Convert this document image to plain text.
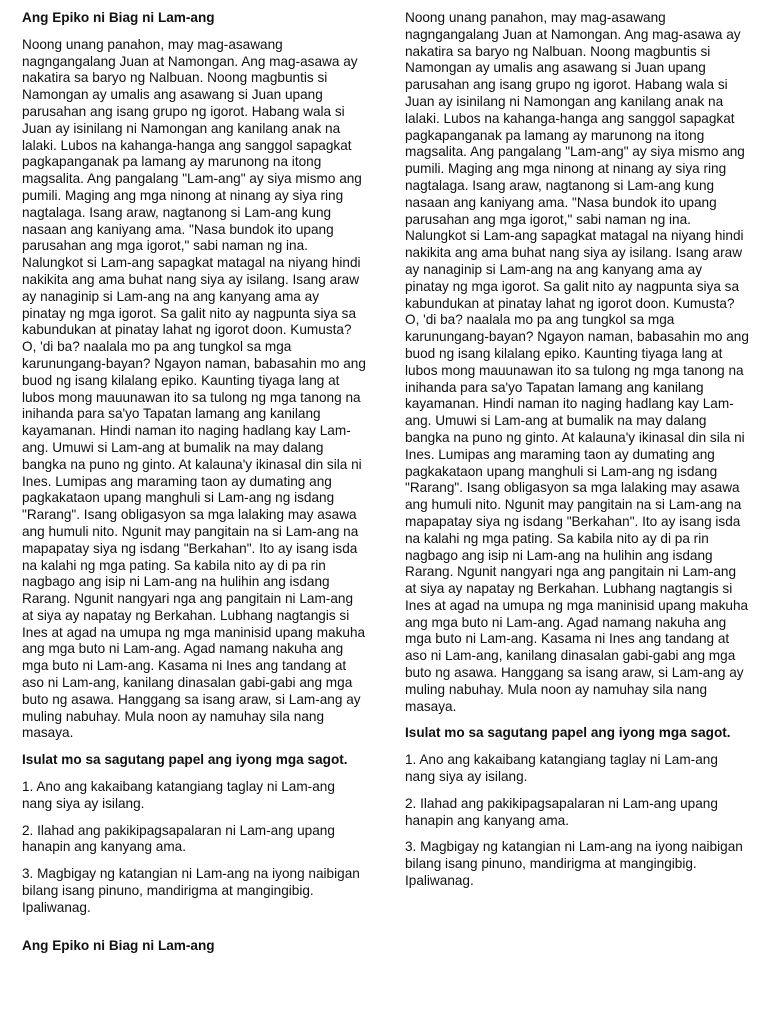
Ang Epiko ni Biag ni Lam-ang
Noong unang panahon, may mag-asawang nagngangalang Juan at Namongan. Ang mag-asawa ay nakatira sa baryo ng Nalbuan. Noong magbuntis si Namongan ay umalis ang asawang si Juan upang parusahan ang isang grupo ng igorot. Habang wala si Juan ay isinilang ni Namongan ang kanilang anak na lalaki. Lubos na kahanga-hanga ang sanggol sapagkat pagkapanganak pa lamang ay marunong na itong magsalita. Ang pangalang "Lam-ang" ay siya mismo ang pumili. Maging ang mga ninong at ninang ay siya ring nagtalaga. Isang araw, nagtanong si Lam-ang kung nasaan ang kaniyang ama. "Nasa bundok ito upang parusahan ang mga igorot," sabi naman ng ina. Nalungkot si Lam-ang sapagkat matagal na niyang hindi nakikita ang ama buhat nang siya ay isilang. Isang araw ay nanaginip si Lam-ang na ang kanyang ama ay pinatay ng mga igorot. Sa galit nito ay nagpunta siya sa kabundukan at pinatay lahat ng igorot doon. Kumusta? O, 'di ba? naalala mo pa ang tungkol sa mga karunungang-bayan? Ngayon naman, babasahin mo ang buod ng isang kilalang epiko. Kaunting tiyaga lang at lubos mong mauunawan ito sa tulong ng mga tanong na inihanda para sa'yo Tapatan lamang ang kanilang kayamanan. Hindi naman ito naging hadlang kay Lam-ang. Umuwi si Lam-ang at bumalik na may dalang bangka na puno ng ginto. At kalauna'y ikinasal din sila ni Ines. Lumipas ang maraming taon ay dumating ang pagkakataon upang manghuli si Lam-ang ng isdang "Rarang". Isang obligasyon sa mga lalaking may asawa ang humuli nito. Ngunit may pangitain na si Lam-ang na mapapatay siya ng isdang "Berkahan". Ito ay isang isda na kalahi ng mga pating. Sa kabila nito ay di pa rin nagbago ang isip ni Lam-ang na hulihin ang isdang Rarang. Ngunit nangyari nga ang pangitain ni Lam-ang at siya ay napatay ng Berkahan. Lubhang nagtangis si Ines at agad na umupa ng mga maninisid upang makuha ang mga buto ni Lam-ang. Agad namang nakuha ang mga buto ni Lam-ang. Kasama ni Ines ang tandang at aso ni Lam-ang, kanilang dinasalan gabi-gabi ang mga buto ng asawa. Hanggang sa isang araw, si Lam-ang ay muling nabuhay. Mula noon ay namuhay sila nang masaya.
Isulat mo sa sagutang papel ang iyong mga sagot.
1. Ano ang kakaibang katangiang taglay ni Lam-ang nang siya ay isilang.
2. Ilahad ang pakikipagsapalaran ni Lam-ang upang hanapin ang kanyang ama.
3. Magbigay ng katangian ni Lam-ang na iyong naibigan bilang isang pinuno, mandirigma at mangingibig. Ipaliwanag.
Noong unang panahon, may mag-asawang nagngangalang Juan at Namongan. Ang mag-asawa ay nakatira sa baryo ng Nalbuan. Noong magbuntis si Namongan ay umalis ang asawang si Juan upang parusahan ang isang grupo ng igorot. Habang wala si Juan ay isinilang ni Namongan ang kanilang anak na lalaki. Lubos na kahanga-hanga ang sanggol sapagkat pagkapanganak pa lamang ay marunong na itong magsalita. Ang pangalang "Lam-ang" ay siya mismo ang pumili. Maging ang mga ninong at ninang ay siya ring nagtalaga. Isang araw, nagtanong si Lam-ang kung nasaan ang kaniyang ama. "Nasa bundok ito upang parusahan ang mga igorot," sabi naman ng ina. Nalungkot si Lam-ang sapagkat matagal na niyang hindi nakikita ang ama buhat nang siya ay isilang. Isang araw ay nanaginip si Lam-ang na ang kanyang ama ay pinatay ng mga igorot. Sa galit nito ay nagpunta siya sa kabundukan at pinatay lahat ng igorot doon. Kumusta? O, 'di ba? naalala mo pa ang tungkol sa mga karunungang-bayan? Ngayon naman, babasahin mo ang buod ng isang kilalang epiko. Kaunting tiyaga lang at lubos mong mauunawan ito sa tulong ng mga tanong na inihanda para sa'yo Tapatan lamang ang kanilang kayamanan. Hindi naman ito naging hadlang kay Lam-ang. Umuwi si Lam-ang at bumalik na may dalang bangka na puno ng ginto. At kalauna'y ikinasal din sila ni Ines. Lumipas ang maraming taon ay dumating ang pagkakataon upang manghuli si Lam-ang ng isdang "Rarang". Isang obligasyon sa mga lalaking may asawa ang humuli nito. Ngunit may pangitain na si Lam-ang na mapapatay siya ng isdang "Berkahan". Ito ay isang isda na kalahi ng mga pating. Sa kabila nito ay di pa rin nagbago ang isip ni Lam-ang na hulihin ang isdang Rarang. Ngunit nangyari nga ang pangitain ni Lam-ang at siya ay napatay ng Berkahan. Lubhang nagtangis si Ines at agad na umupa ng mga maninisid upang makuha ang mga buto ni Lam-ang. Agad namang nakuha ang mga buto ni Lam-ang. Kasama ni Ines ang tandang at aso ni Lam-ang, kanilang dinasalan gabi-gabi ang mga buto ng asawa. Hanggang sa isang araw, si Lam-ang ay muling nabuhay. Mula noon ay namuhay sila nang masaya.
Isulat mo sa sagutang papel ang iyong mga sagot.
1. Ano ang kakaibang katangiang taglay ni Lam-ang nang siya ay isilang.
2. Ilahad ang pakikipagsapalaran ni Lam-ang upang hanapin ang kanyang ama.
3. Magbigay ng katangian ni Lam-ang na iyong naibigan bilang isang pinuno, mandirigma at mangingibig. Ipaliwanag.
Ang Epiko ni Biag ni Lam-ang
